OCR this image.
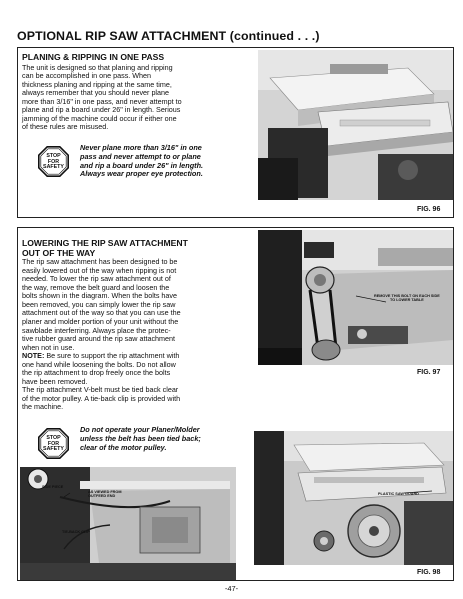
OPTIONAL RIP SAW ATTACHMENT (continued . . .)
PLANING & RIPPING IN ONE PASS
The unit is designed so that planing and ripping
can be accomplished in one pass. When
thickness planing and ripping at the same time,
always remember that you should never plane
more than 3/16" in one pass, and never attempt to
plane and rip a board under 26" in length. Serious
jamming of the machine could occur if either one
of these rules are misused.
STOP
FOR
SAFETY
Never plane more than 3/16" in one
pass and never attempt to or plane
and rip a board under 26" in length.
Always wear proper eye protection.
FIG. 96
LOWERING THE RIP SAW ATTACHMENT
OUT OF THE WAY
The rip saw attachment has been designed to be
easily lowered out of the way when ripping is not
needed. To lower the rip saw attachment out of
the way, remove the belt guard and loosen the
bolts shown in the diagram. When the bolts have
been removed, you can simply lower the rip saw
attachment out of the way so that you can use the
planer and molder portion of your unit without the
sawblade interferring. Always place the protec-
tive rubber guard around the rip saw attachment
when not in use.
NOTE: Be sure to support the rip attachment with
one hand while loosening the bolts. Do not allow
the rip attachment to drop freely once the bolts
have been removed.
The rip attachment V-belt must be tied back clear
of the motor pulley. A tie-back clip is provided with
the machine.
STOP
FOR
SAFETY
Do not operate your Planer/Molder
unless the belt has been tied back;
clear of the motor pulley.
SIDE PIECE
AS VIEWED FROM
OUTFEED END
TIE-BACK CLIP
REMOVE THIS BOLT ON EACH SIDE
TO LOWER TABLE
FIG. 97
PLASTIC SAW GUARD
FIG. 98
-47-
